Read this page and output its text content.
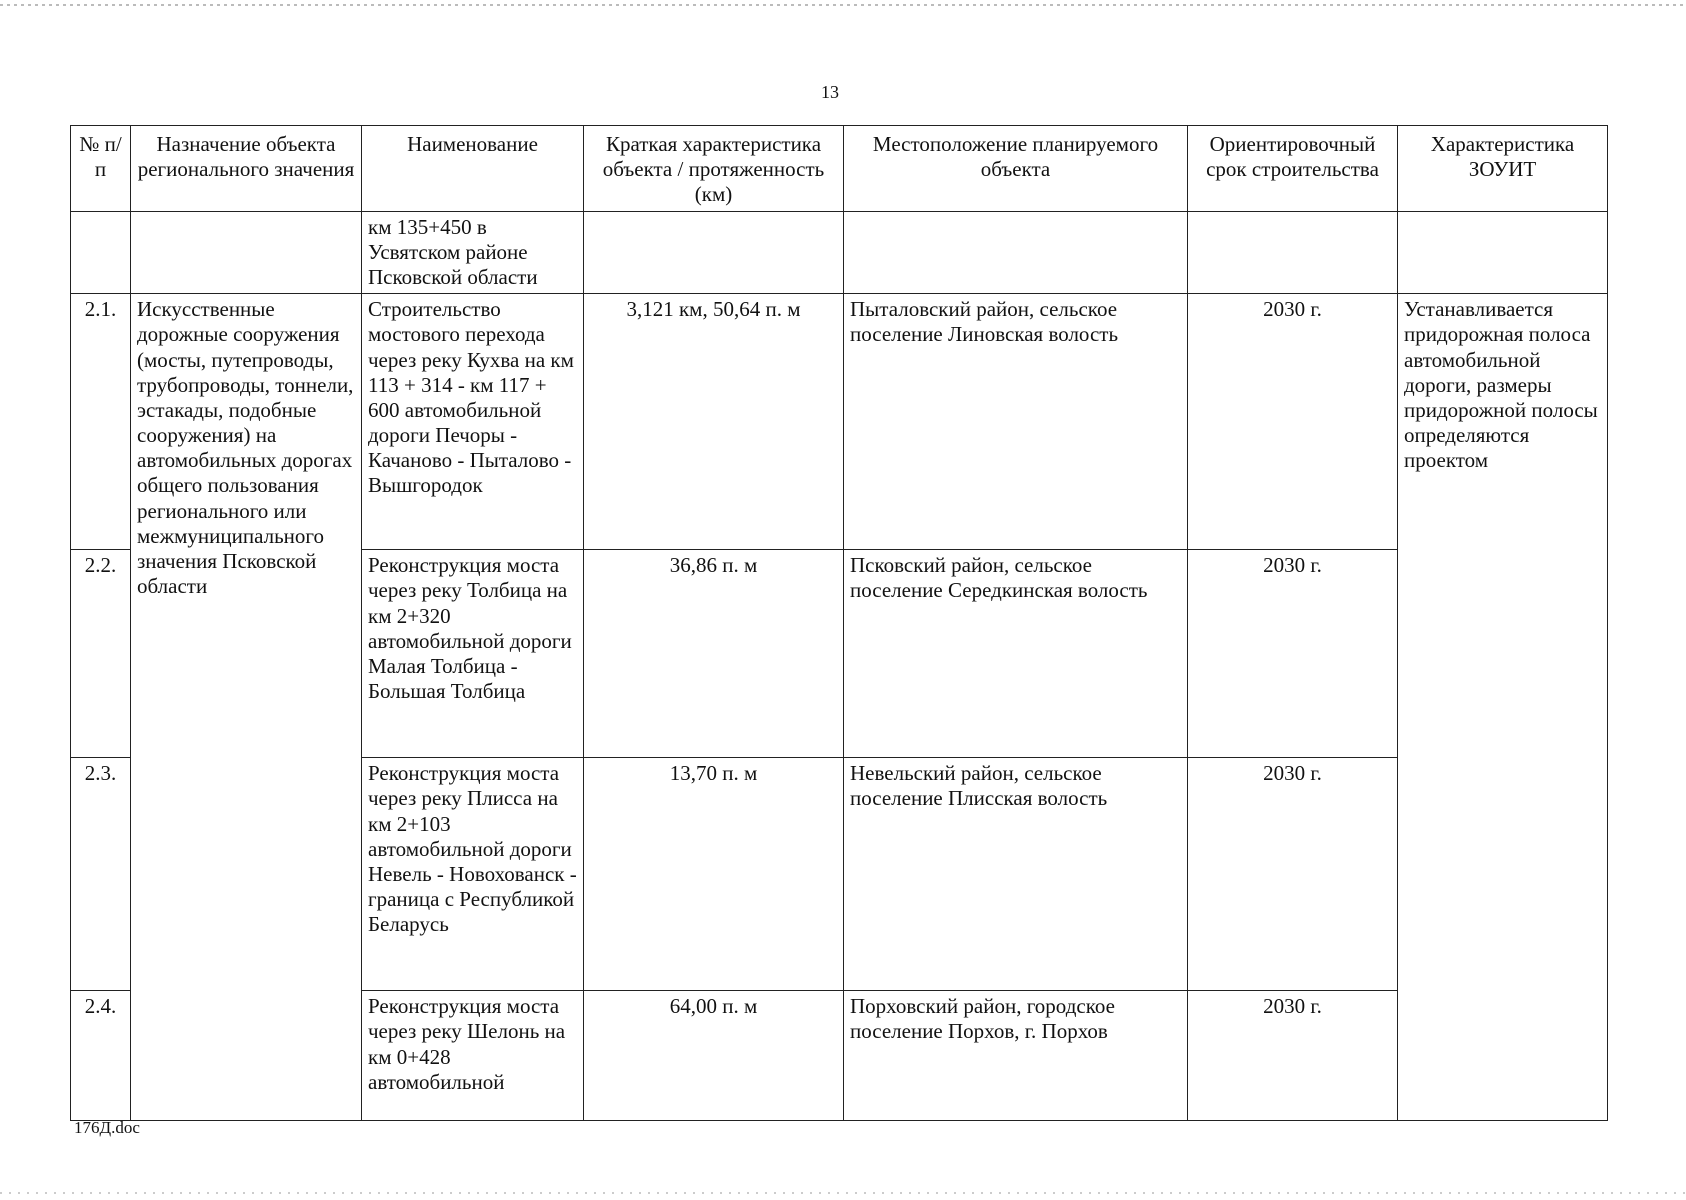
13
№ п/п	Назначение объекта регионального значения	Наименование	Краткая характеристика объекта / протяженность (км)	Местоположение планируемого объекта	Ориентировочный срок строительства	Характеристика ЗОУИТ
		км 135+450 в Усвятском районе Псковской области				
2.1.	Искусственные дорожные сооружения (мосты, путепроводы, трубопроводы, тоннели, эстакады, подобные сооружения) на автомобильных дорогах общего пользования регионального или межмуниципального значения Псковской области	Строительство мостового перехода через реку Кухва на км 113 + 314 - км 117 + 600 автомобильной дороги Печоры - Качаново - Пыталово - Вышгородок	3,121 км, 50,64 п. м	Пыталовский район, сельское поселение Линовская волость	2030 г.	Устанавливается придорожная полоса автомобильной дороги, размеры придорожной полосы определяются проектом
2.2.		Реконструкция моста через реку Толбица на км 2+320 автомобильной дороги Малая Толбица - Большая Толбица	36,86 п. м	Псковский район, сельское поселение Середкинская волость	2030 г.	
2.3.		Реконструкция моста через реку Плисса на км 2+103 автомобильной дороги Невель - Новохованск - граница с Республикой Беларусь	13,70 п. м	Невельский район, сельское поселение Плисская волость	2030 г.	
2.4.		Реконструкция моста через реку Шелонь на км 0+428 автомобильной	64,00 п. м	Порховский район, городское поселение Порхов, г. Порхов	2030 г.	
176Д.doc
